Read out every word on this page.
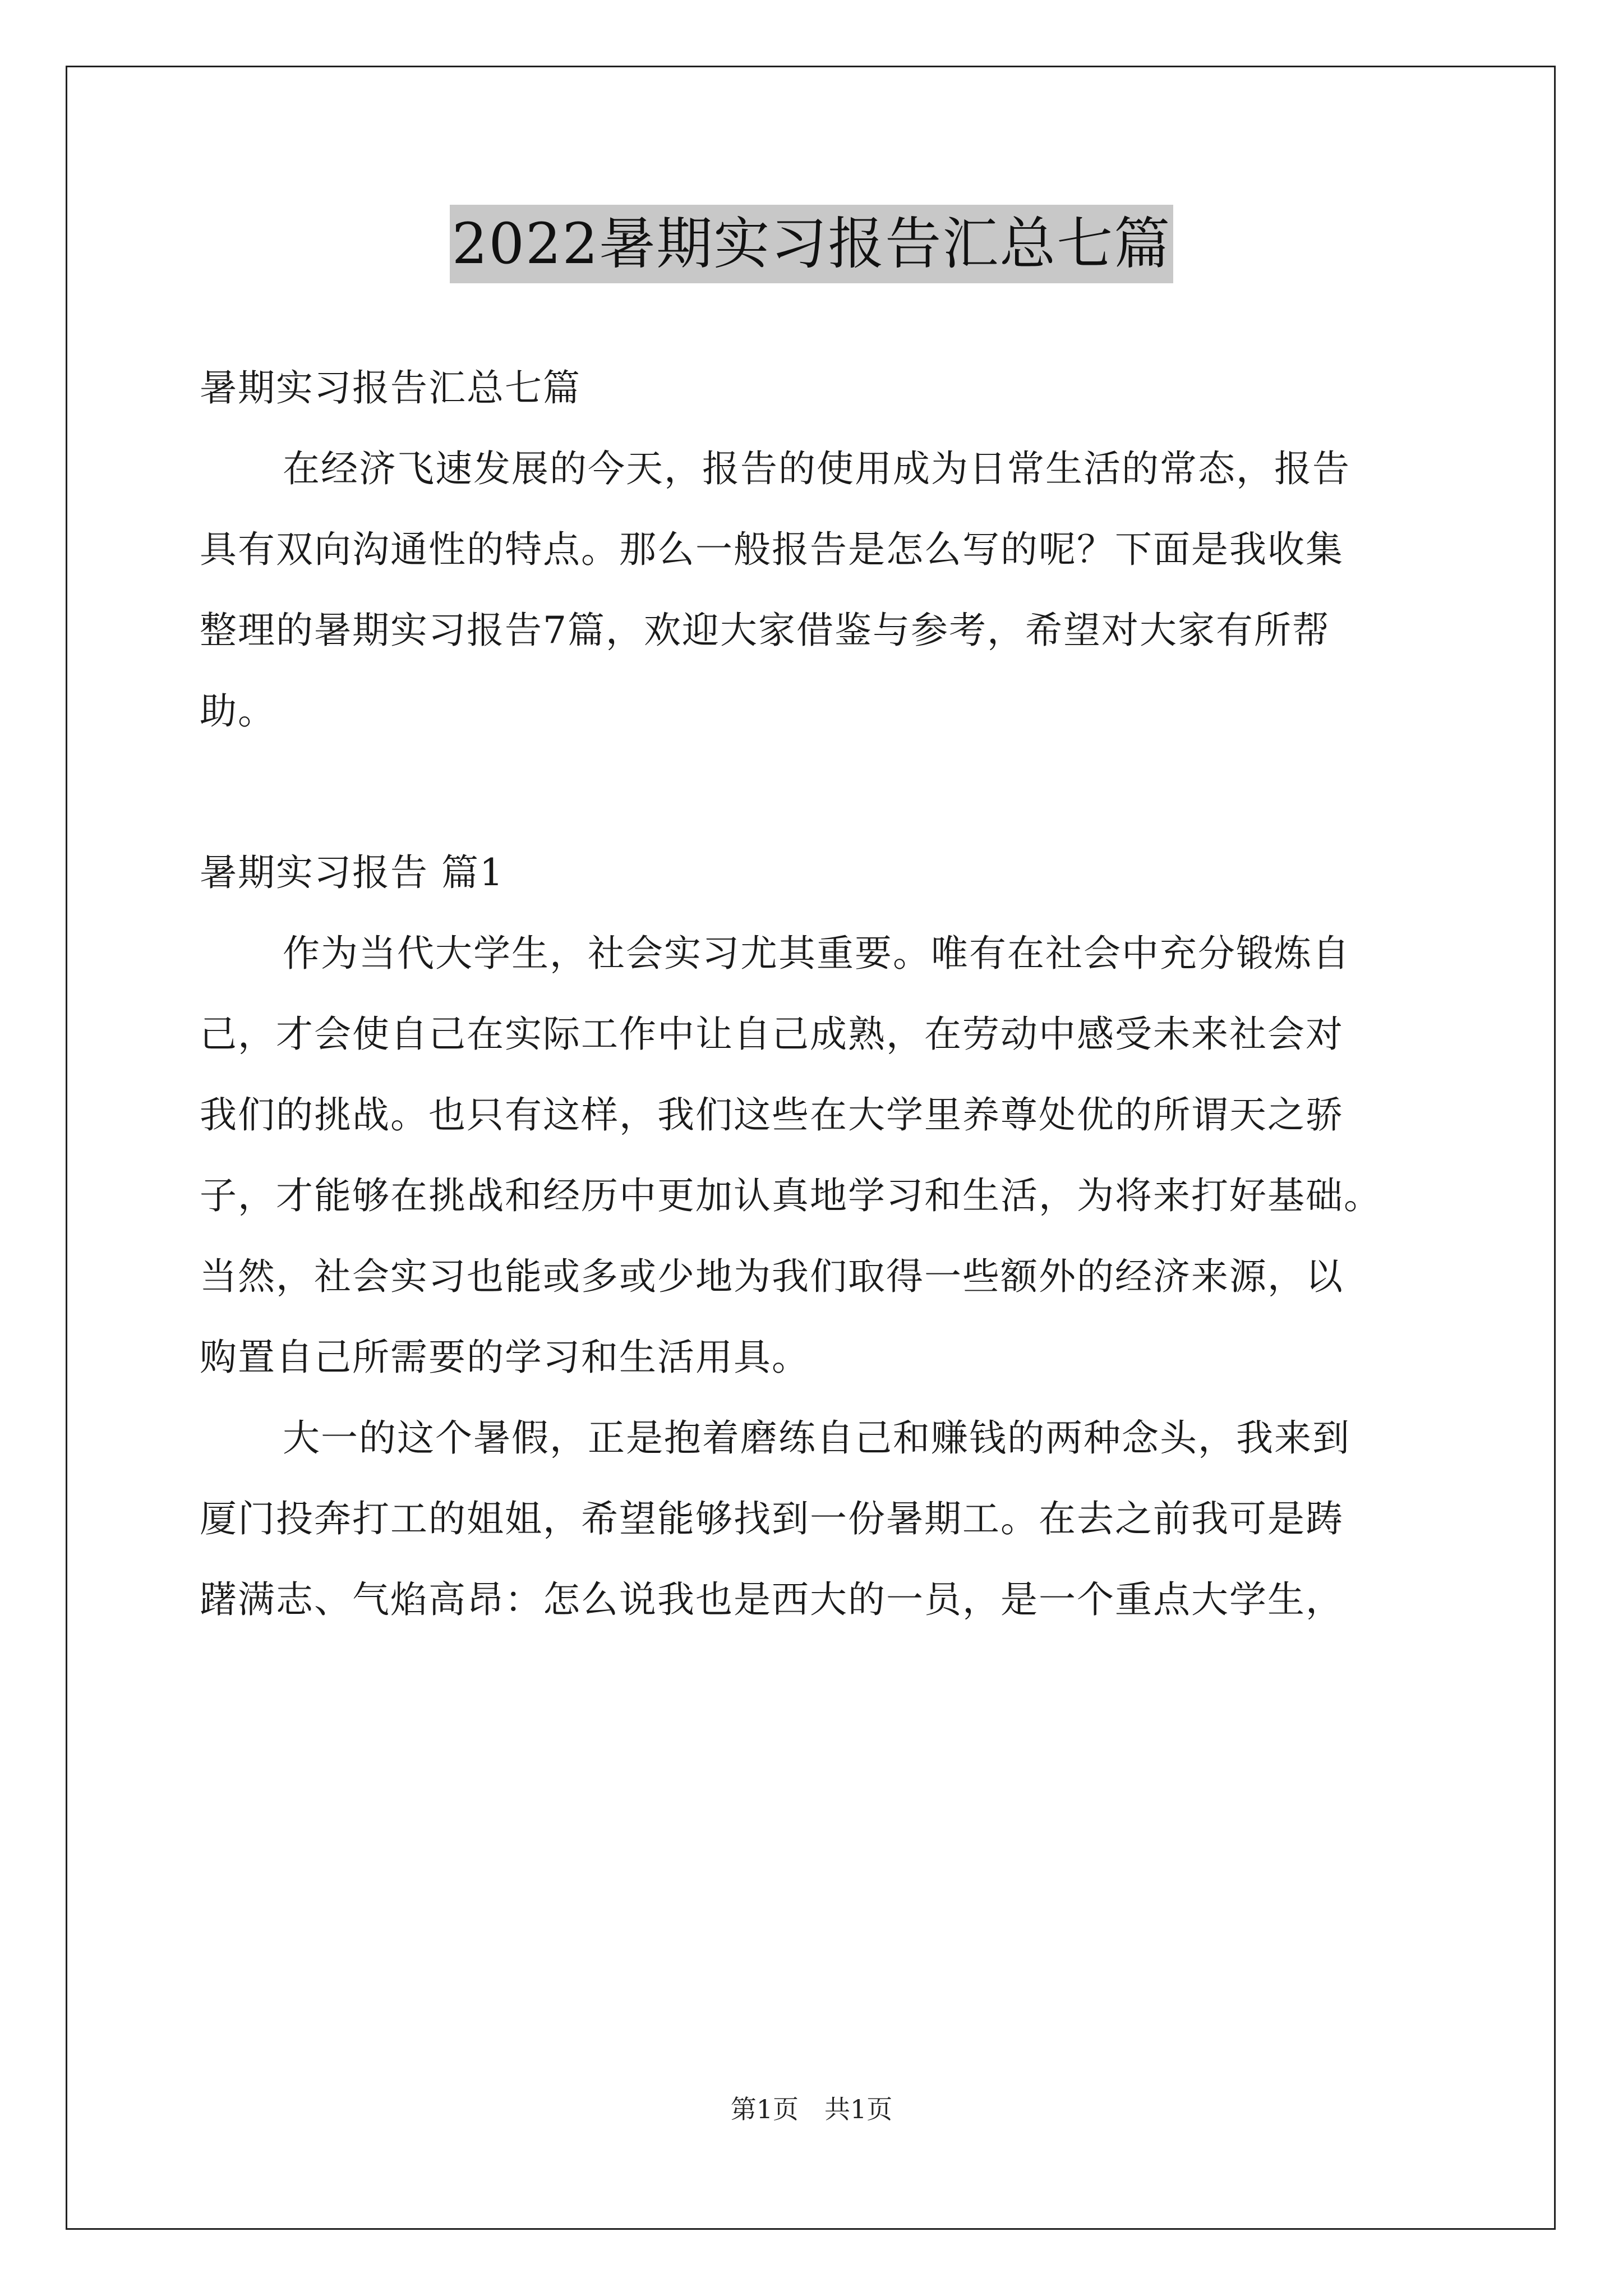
2022暑期实习报告汇总七篇
暑期实习报告汇总七篇
在经济飞速发展的今天，报告的使用成为日常生活的常态，报告
具有双向沟通性的特点。那么一般报告是怎么写的呢？下面是我收集
整理的暑期实习报告7篇，欢迎大家借鉴与参考，希望对大家有所帮
助。
暑期实习报告 篇1
作为当代大学生，社会实习尤其重要。唯有在社会中充分锻炼自
己，才会使自己在实际工作中让自己成熟，在劳动中感受未来社会对
我们的挑战。也只有这样，我们这些在大学里养尊处优的所谓天之骄
子，才能够在挑战和经历中更加认真地学习和生活，为将来打好基础。
当然，社会实习也能或多或少地为我们取得一些额外的经济来源，以
购置自己所需要的学习和生活用具。
大一的这个暑假，正是抱着磨练自己和赚钱的两种念头，我来到
厦门投奔打工的姐姐，希望能够找到一份暑期工。在去之前我可是踌
躇满志、气焰高昂：怎么说我也是西大的一员，是一个重点大学生，
第1页 共1页
